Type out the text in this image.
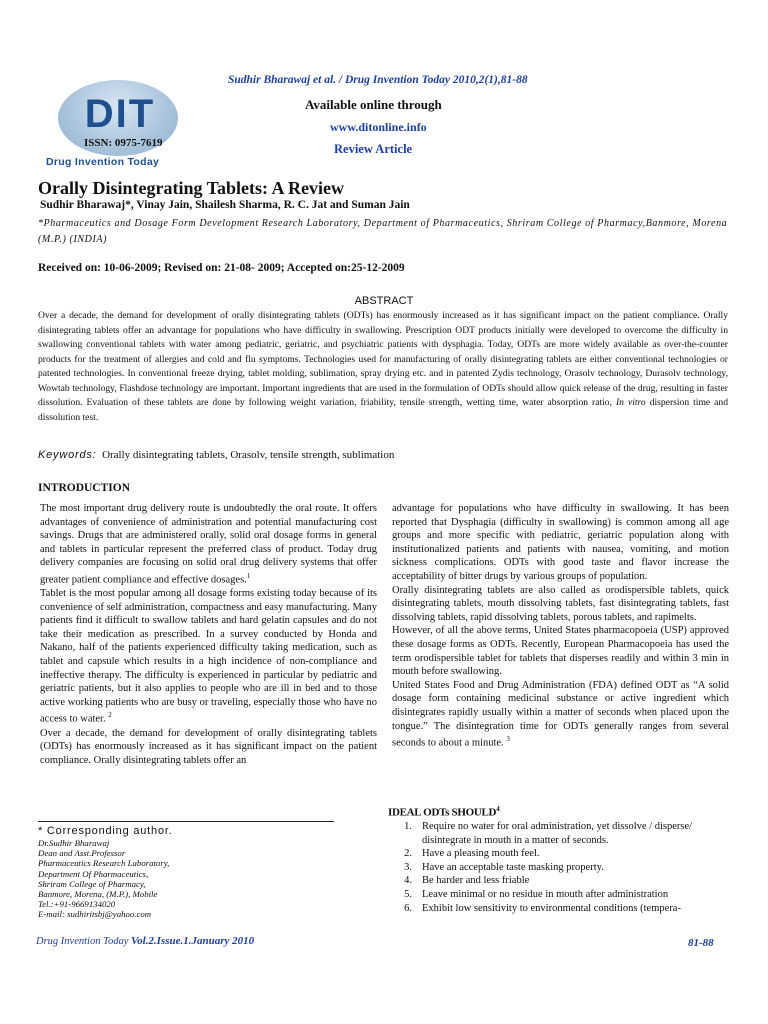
DIT
ISSN: 0975-7619
Drug Invention Today
Sudhir Bharawaj et al. / Drug Invention Today 2010,2(1),81-88
Available online through
www.ditonline.info
Review Article
Orally Disintegrating Tablets: A Review
Sudhir Bharawaj*, Vinay Jain, Shailesh Sharma, R. C. Jat and Suman Jain
*Pharmaceutics and Dosage Form Development Research Laboratory, Department of Pharmaceutics, Shriram College of Pharmacy,Banmore, Morena (M.P.) (INDIA)
Received on: 10-06-2009; Revised on: 21-08- 2009; Accepted on:25-12-2009
ABSTRACT
Over a decade, the demand for development of orally disintegrating tablets (ODTs) has enormously increased as it has significant impact on the patient compliance. Orally disintegrating tablets offer an advantage for populations who have difficulty in swallowing. Prescription ODT products initially were developed to overcome the difficulty in swallowing conventional tablets with water among pediatric, geriatric, and psychiatric patients with dysphagia. Today, ODTs are more widely available as over-the-counter products for the treatment of allergies and cold and flu symptoms. Technologies used for manufacturing of orally disintegrating tablets are either conventional technologies or patented technologies. In conventional freeze drying, tablet molding, sublimation, spray drying etc. and in patented Zydis technology, Orasolv technology, Durasolv technology, Wowtab technology, Flashdose technology are important. Important ingredients that are used in the formulation of ODTs should allow quick release of the drug, resulting in faster dissolution. Evaluation of these tablets are done by following weight variation, friability, tensile strength, wetting time, water absorption ratio, In vitro dispersion time and dissolution test.
Keywords: Orally disintegrating tablets, Orasolv, tensile strength, sublimation
INTRODUCTION

The most important drug delivery route is undoubtedly the oral route. It offers advantages of convenience of administration and potential manufacturing cost savings. Drugs that are administered orally, solid oral dosage forms in general and tablets in particular represent the preferred class of product. Today drug delivery companies are focusing on solid oral drug delivery systems that offer greater patient compliance and effective dosages.$^1$

Tablet is the most popular among all dosage forms existing today because of its convenience of self administration, compactness and easy manufacturing. Many patients find it difficult to swallow tablets and hard gelatin capsules and do not take their medication as prescribed. In a survey conducted by Honda and Nakano, half of the patients experienced difficulty taking medication, such as tablet and capsule which results in a high incidence of non-compliance and ineffective therapy. The difficulty is experienced in particular by pediatric and geriatric patients, but it also applies to people who are ill in bed and to those active working patients who are busy or traveling, especially those who have no access to water. $^2$

Over a decade, the demand for development of orally disintegrating tablets (ODTs) has enormously increased as it has significant impact on the patient compliance. Orally disintegrating tablets offer an

advantage for populations who have difficulty in swallowing. It has been reported that Dysphagia (difficulty in swallowing) is common among all age groups and more specific with pediatric, geriatric population along with institutionalized patients and patients with nausea, vomiting, and motion sickness complications. ODTs with good taste and flavor increase the acceptability of bitter drugs by various groups of population.

Orally disintegrating tablets are also called as orodispersible tablets, quick disintegrating tablets, mouth dissolving tablets, fast disintegrating tablets, fast dissolving tablets, rapid dissolving tablets, porous tablets, and rapimelts.

However, of all the above terms, United States pharmacopoeia (USP) approved these dosage forms as ODTs. Recently, European Pharmacopoeia has used the term orodispersible tablet for tablets that disperses readily and within 3 min in mouth before swallowing.

United States Food and Drug Administration (FDA) defined ODT as “A solid dosage form containing medicinal substance or active ingredient which disintegrates rapidly usually within a matter of seconds when placed upon the tongue.” The disintegration time for ODTs generally ranges from several seconds to about a minute. $^3$

IDEAL ODTs SHOULD$^4$
1. Require no water for oral administration, yet dissolve / disperse/ disintegrate in mouth in a matter of seconds.
2. Have a pleasing mouth feel.
3. Have an acceptable taste masking property.
4. Be harder and less friable
5. Leave minimal or no residue in mouth after administration
6. Exhibit low sensitivity to environmental conditions (tempera-
* Corresponding author.
Dr.Sudhir Bharawaj
Dean and Asst.Professor
Pharmaceutics Research Laboratory,
Department Of Pharmaceutics,
Shriram College of Pharmacy,
Banmore, Morena, (M.P.), Mobile
Tel.:+91-9669134020
E-mail: sudhiritsbj@yahoo.com
Drug Invention Today Vol.2.Issue.1.January 2010	81-88
